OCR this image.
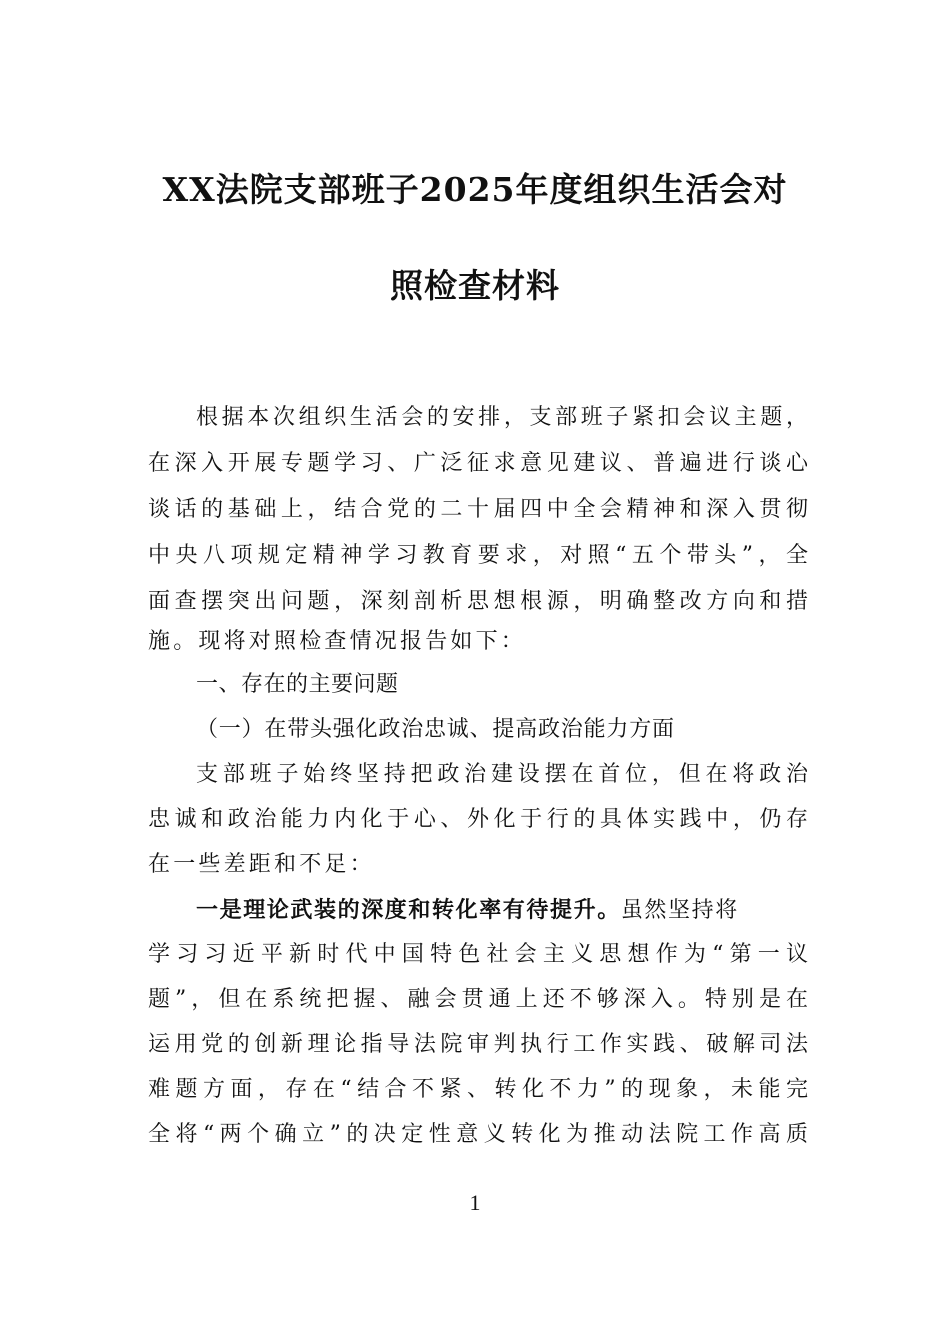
XX法院支部班子2025年度组织生活会对
照检查材料
根据本次组织生活会的安排，支部班子紧扣会议主题，
在深入开展专题学习、广泛征求意见建议、普遍进行谈心
谈话的基础上，结合党的二十届四中全会精神和深入贯彻
中央八项规定精神学习教育要求，对照“五个带头”，全
面查摆突出问题，深刻剖析思想根源，明确整改方向和措
施。现将对照检查情况报告如下：
一、存在的主要问题
（一）在带头强化政治忠诚、提高政治能力方面
支部班子始终坚持把政治建设摆在首位，但在将政治
忠诚和政治能力内化于心、外化于行的具体实践中，仍存
在一些差距和不足：
一是理论武装的深度和转化率有待提升。虽然坚持将
学习习近平新时代中国特色社会主义思想作为“第一议
题”，但在系统把握、融会贯通上还不够深入。特别是在
运用党的创新理论指导法院审判执行工作实践、破解司法
难题方面，存在“结合不紧、转化不力”的现象，未能完
全将“两个确立”的决定性意义转化为推动法院工作高质
1
